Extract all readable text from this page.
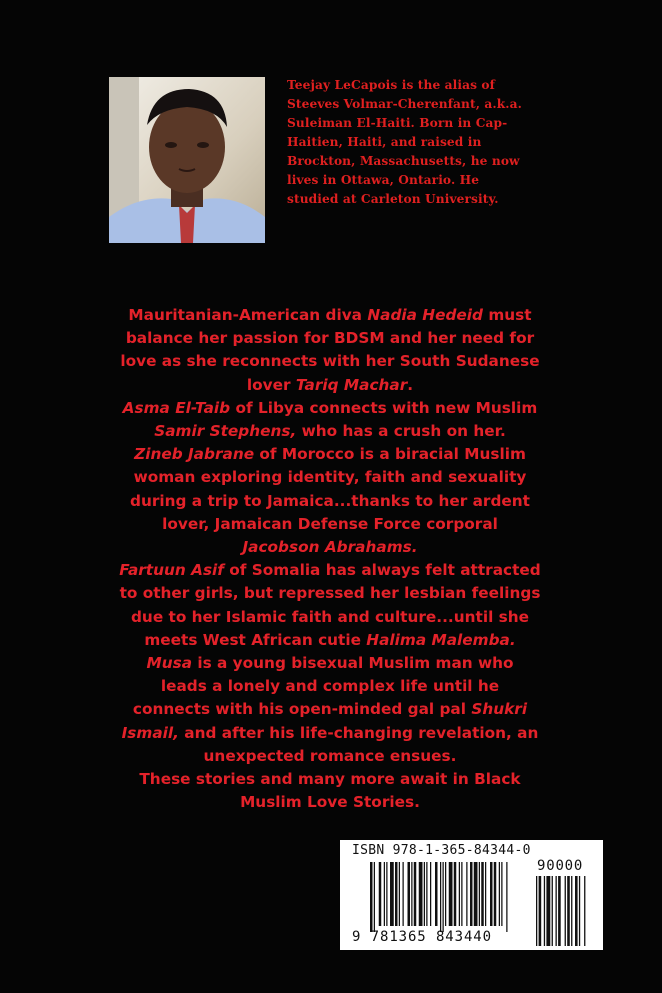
Teejay LeCapois is the alias of
Steeves Volmar-Cherenfant, a.k.a.
Suleiman El-Haiti. Born in Cap-
Haitien, Haiti, and raised in
Brockton, Massachusetts, he now
lives in Ottawa, Ontario. He
studied at Carleton University.
Mauritanian-American diva Nadia Hedeid must
balance her passion for BDSM and her need for
love as she reconnects with her South Sudanese
lover Tariq Machar.
Asma El-Taib of Libya connects with new Muslim
Samir Stephens, who has a crush on her.
Zineb Jabrane of Morocco is a biracial Muslim
woman exploring identity, faith and sexuality
during a trip to Jamaica...thanks to her ardent
lover, Jamaican Defense Force corporal
Jacobson Abrahams.
Fartuun Asif of Somalia has always felt attracted
to other girls, but repressed her lesbian feelings
due to her Islamic faith and culture...until she
meets West African cutie Halima Malemba.
Musa is a young bisexual Muslim man who
leads a lonely and complex life until he
connects with his open-minded gal pal Shukri
Ismail, and after his life-changing revelation, an
unexpected romance ensues.
These stories and many more await in Black
Muslim Love Stories.
ISBN 978-1-365-84344-0
90000
9 781365 843440
